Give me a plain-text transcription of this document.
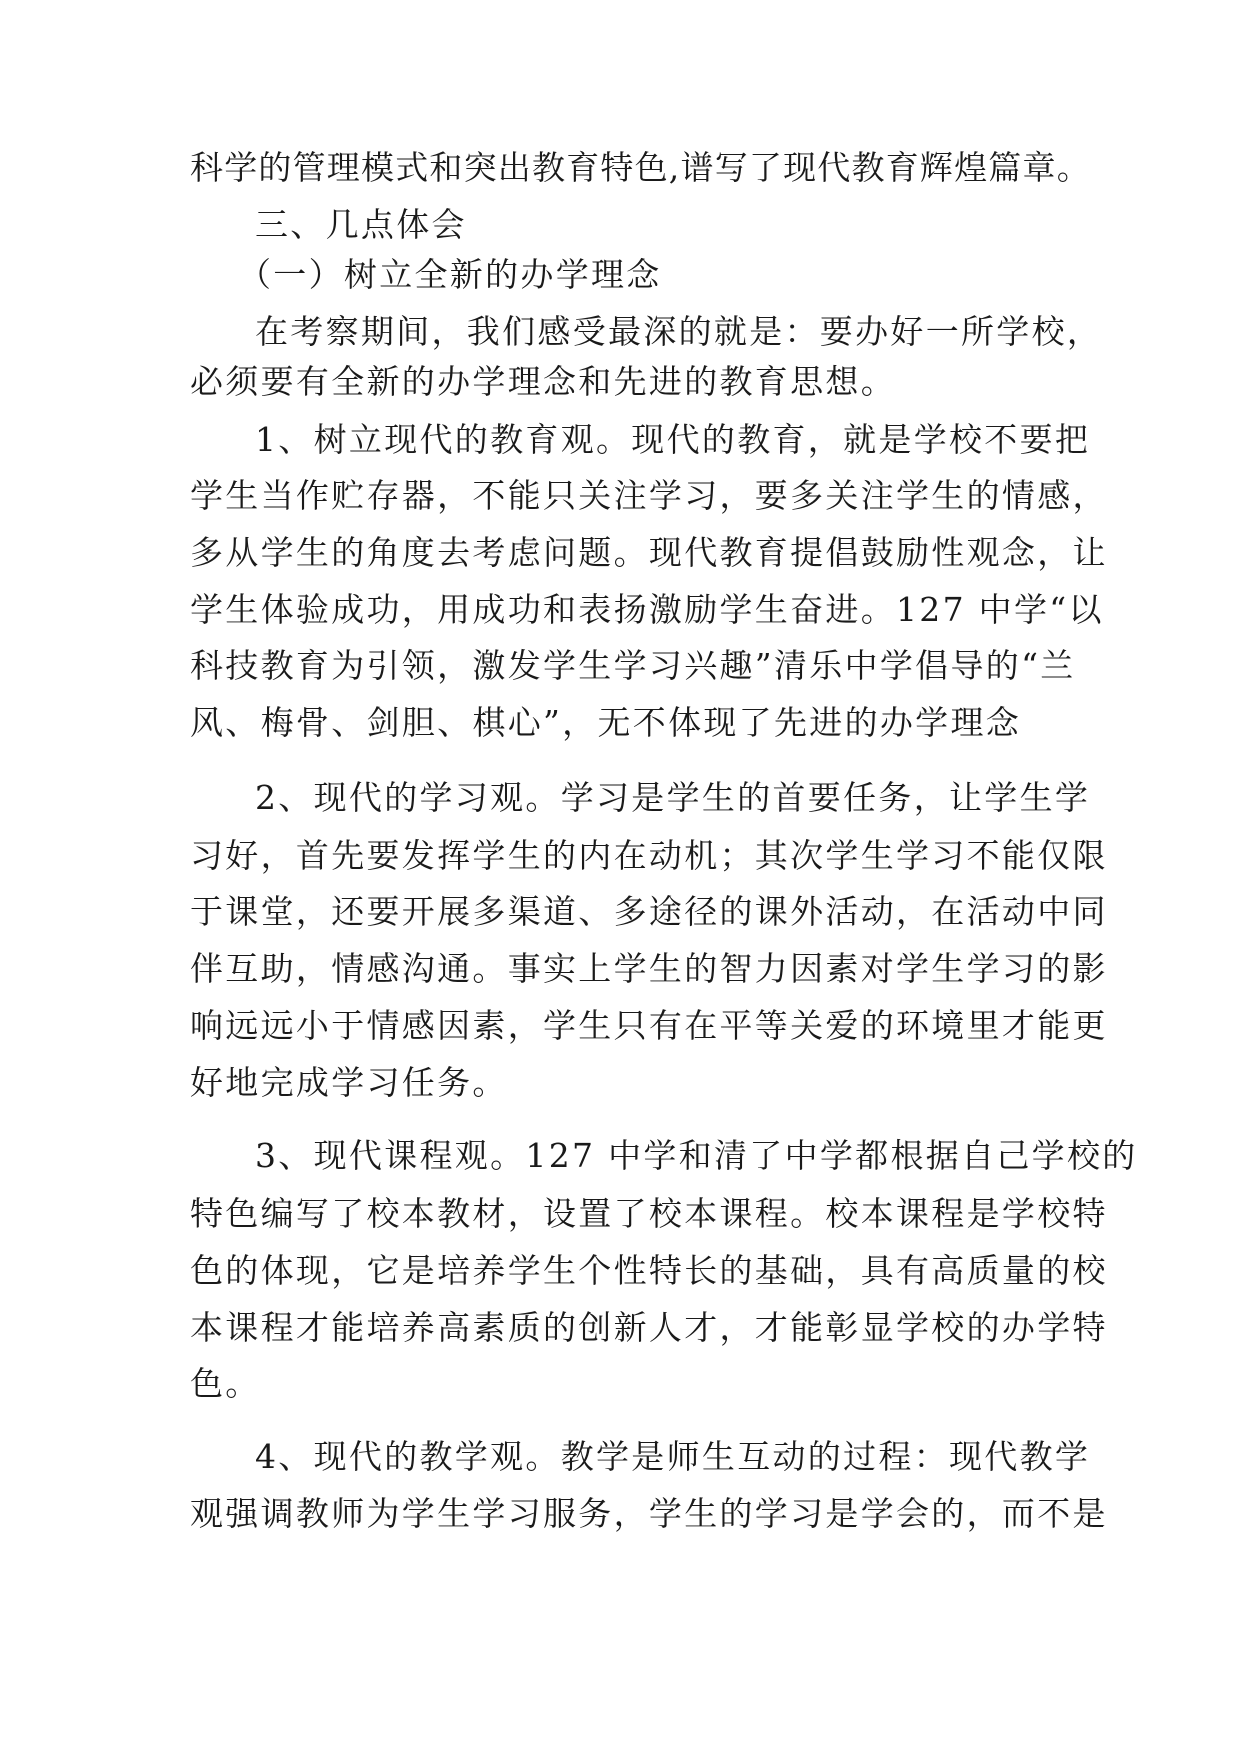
科学的管理模式和突出教育特色,谱写了现代教育辉煌篇章。
三、几点体会
（一）树立全新的办学理念
在考察期间，我们感受最深的就是：要办好一所学校，
必须要有全新的办学理念和先进的教育思想。
1、树立现代的教育观。现代的教育，就是学校不要把
学生当作贮存器，不能只关注学习，要多关注学生的情感，
多从学生的角度去考虑问题。现代教育提倡鼓励性观念，让
学生体验成功，用成功和表扬激励学生奋进。127 中学“以
科技教育为引领，激发学生学习兴趣”清乐中学倡导的“兰
风、梅骨、剑胆、棋心”，无不体现了先进的办学理念
2、现代的学习观。学习是学生的首要任务，让学生学
习好，首先要发挥学生的内在动机；其次学生学习不能仅限
于课堂，还要开展多渠道、多途径的课外活动，在活动中同
伴互助，情感沟通。事实上学生的智力因素对学生学习的影
响远远小于情感因素，学生只有在平等关爱的环境里才能更
好地完成学习任务。
3、现代课程观。127 中学和清了中学都根据自己学校的
特色编写了校本教材，设置了校本课程。校本课程是学校特
色的体现，它是培养学生个性特长的基础，具有高质量的校
本课程才能培养高素质的创新人才，才能彰显学校的办学特
色。
4、现代的教学观。教学是师生互动的过程：现代教学
观强调教师为学生学习服务，学生的学习是学会的，而不是
